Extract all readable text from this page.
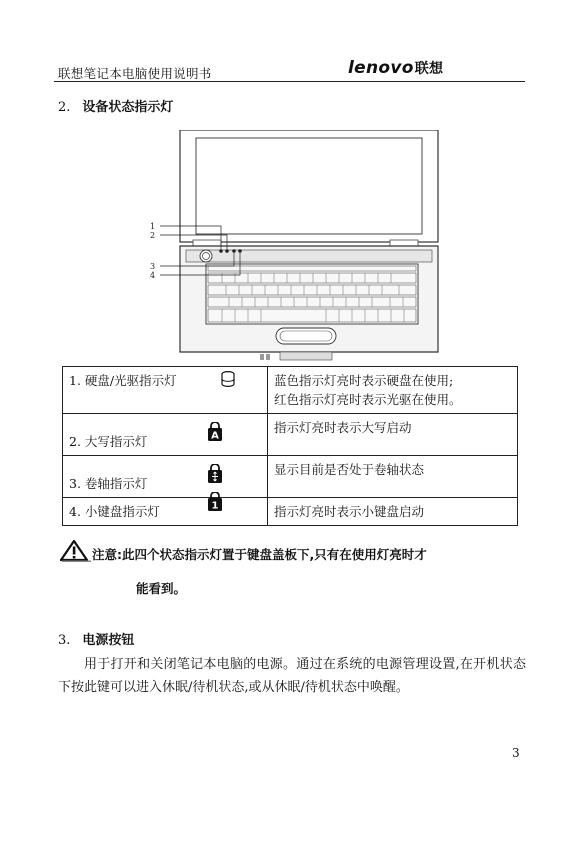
联想笔记本电脑使用说明书	lenovo联想
2. 设备状态指示灯
1
2
3
4
1. 硬盘/光驱指示灯	蓝色指示灯亮时表示硬盘在使用;
红色指示灯亮时表示光驱在使用。

2. 大写指示灯 A	指示灯亮时表示大写启动

3. 卷轴指示灯	显示目前是否处于卷轴状态

4. 小键盘指示灯 1	指示灯亮时表示小键盘启动
注意:此四个状态指示灯置于键盘盖板下,只有在使用灯亮时才
能看到。
3. 电源按钮
用于打开和关闭笔记本电脑的电源。通过在系统的电源管理设置,在开机状态下按此键可以进入休眠/待机状态,或从休眠/待机状态中唤醒。
3
